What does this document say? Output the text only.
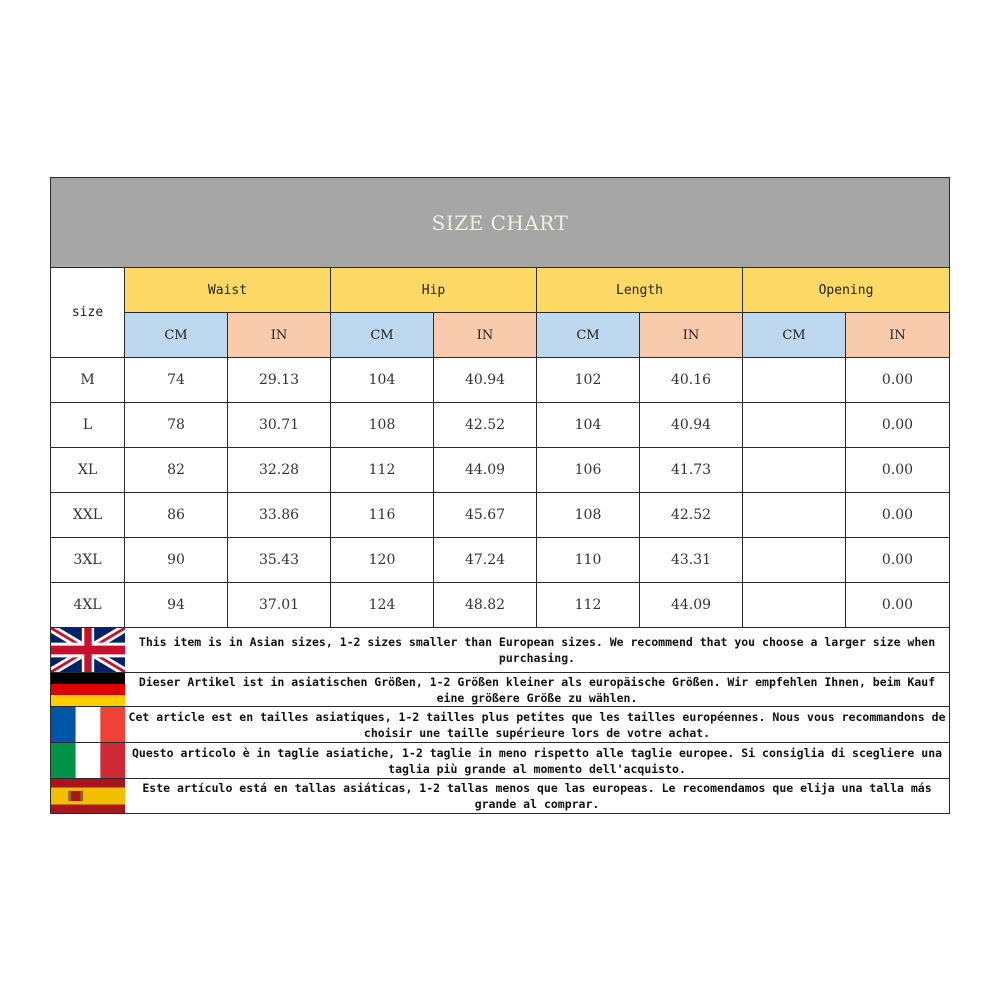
SIZE CHART								
size	Waist		Hip		Length		Opening	
	CM	IN	CM	IN	CM	IN	CM	IN
M	74	29.13	104	40.94	102	40.16		0.00
L	78	30.71	108	42.52	104	40.94		0.00
XL	82	32.28	112	44.09	106	41.73		0.00
XXL	86	33.86	116	45.67	108	42.52		0.00
3XL	90	35.43	120	47.24	110	43.31		0.00
4XL	94	37.01	124	48.82	112	44.09		0.00

	This item is in Asian sizes, 1-2 sizes smaller than European sizes. We recommend that you choose a larger size when purchasing.							

	Dieser Artikel ist in asiatischen Größen, 1-2 Größen kleiner als europäische Größen. Wir empfehlen Ihnen, beim Kauf eine größere Größe zu wählen.							

	Cet article est en tailles asiatiques, 1-2 tailles plus petites que les tailles européennes. Nous vous recommandons de choisir une taille supérieure lors de votre achat.							

	Questo articolo è in taglie asiatiche, 1-2 taglie in meno rispetto alle taglie europee. Si consiglia di scegliere una taglia più grande al momento dell'acquisto.							

	Este artículo está en tallas asiáticas, 1-2 tallas menos que las europeas. Le recomendamos que elija una talla más grande al comprar.							
